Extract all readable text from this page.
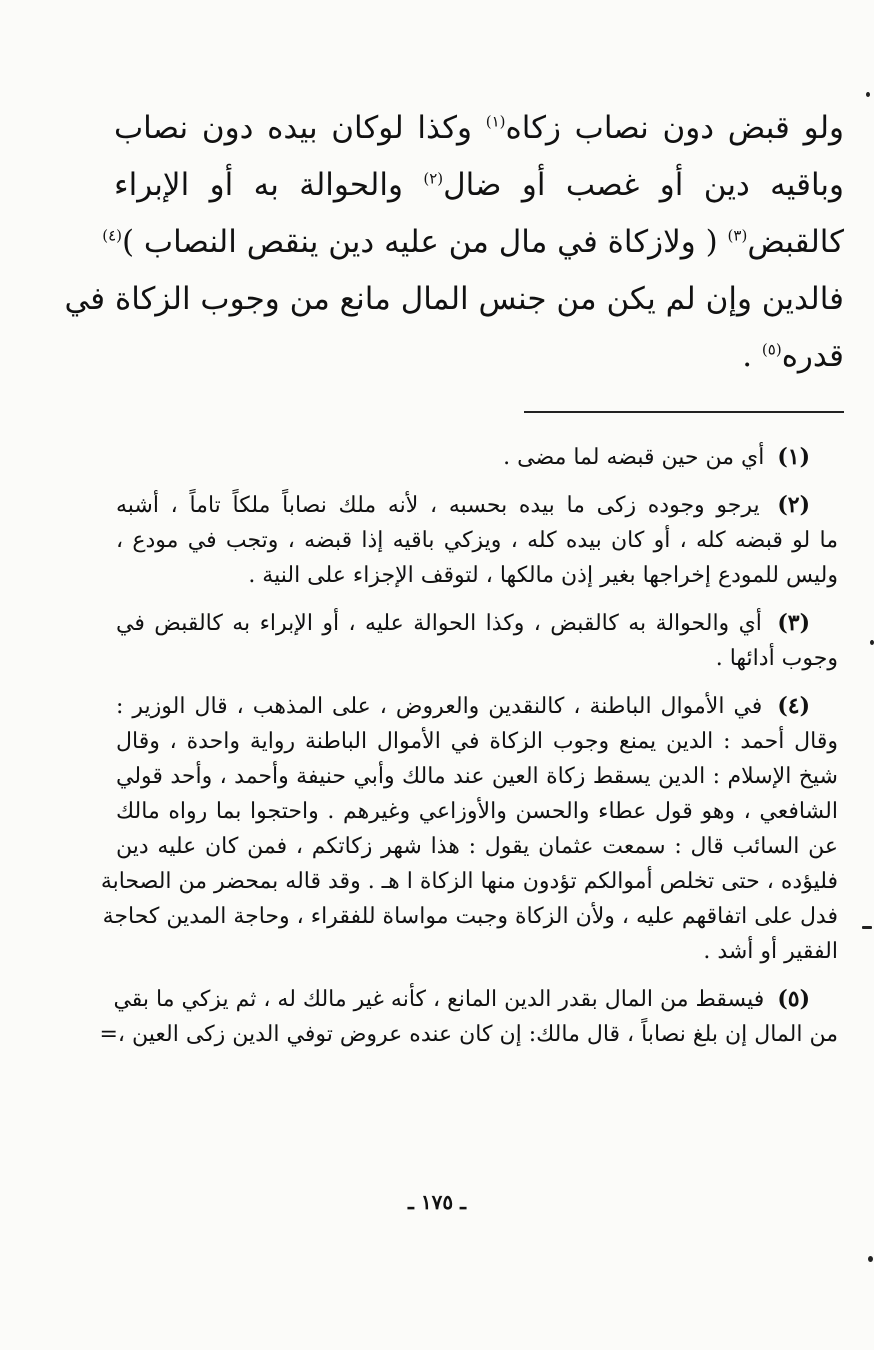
ولو قبض دون نصاب زكاه$^{(١)}$ وكذا لوكان بيده دون نصاب
وباقيه دين أو غصب أو ضال$^{(٢)}$ والحوالة به أو الإبراء
كالقبض$^{(٣)}$ ( ولازكاة في مال من عليه دين ينقص النصاب )$^{(٤)}$
فالدين وإن لم يكن من جنس المال مانع من وجوب الزكاة في
قدره$^{(٥)}$ .
(١) أي من حين قبضه لما مضى .
(٢) يرجو وجوده زكى ما بيده بحسبه ، لأنه ملك نصاباً ملكاً تاماً ، أشبه
ما لو قبضه كله ، أو كان بيده كله ، ويزكي باقيه إذا قبضه ، وتجب في مودع ،
وليس للمودع إخراجها بغير إذن مالكها ، لتوقف الإجزاء على النية .
(٣) أي والحوالة به كالقبض ، وكذا الحوالة عليه ، أو الإبراء به كالقبض في
وجوب أدائها .
(٤) في الأموال الباطنة ، كالنقدين والعروض ، على المذهب ، قال الوزير :
وقال أحمد : الدين يمنع وجوب الزكاة في الأموال الباطنة رواية واحدة ، وقال
شيخ الإسلام : الدين يسقط زكاة العين عند مالك وأبي حنيفة وأحمد ، وأحد قولي
الشافعي ، وهو قول عطاء والحسن والأوزاعي وغيرهم . واحتجوا بما رواه مالك
عن السائب قال : سمعت عثمان يقول : هذا شهر زكاتكم ، فمن كان عليه دين
فليؤده ، حتى تخلص أموالكم تؤدون منها الزكاة ا هـ . وقد قاله بمحضر من الصحابة
فدل على اتفاقهم عليه ، ولأن الزكاة وجبت مواساة للفقراء ، وحاجة المدين كحاجة
الفقير أو أشد .
(٥) فيسقط من المال بقدر الدين المانع ، كأنه غير مالك له ، ثم يزكي ما بقي
من المال إن بلغ نصاباً ، قال مالك: إن كان عنده عروض توفي الدين زكى العين ،=
ـ ١٧٥ ـ
